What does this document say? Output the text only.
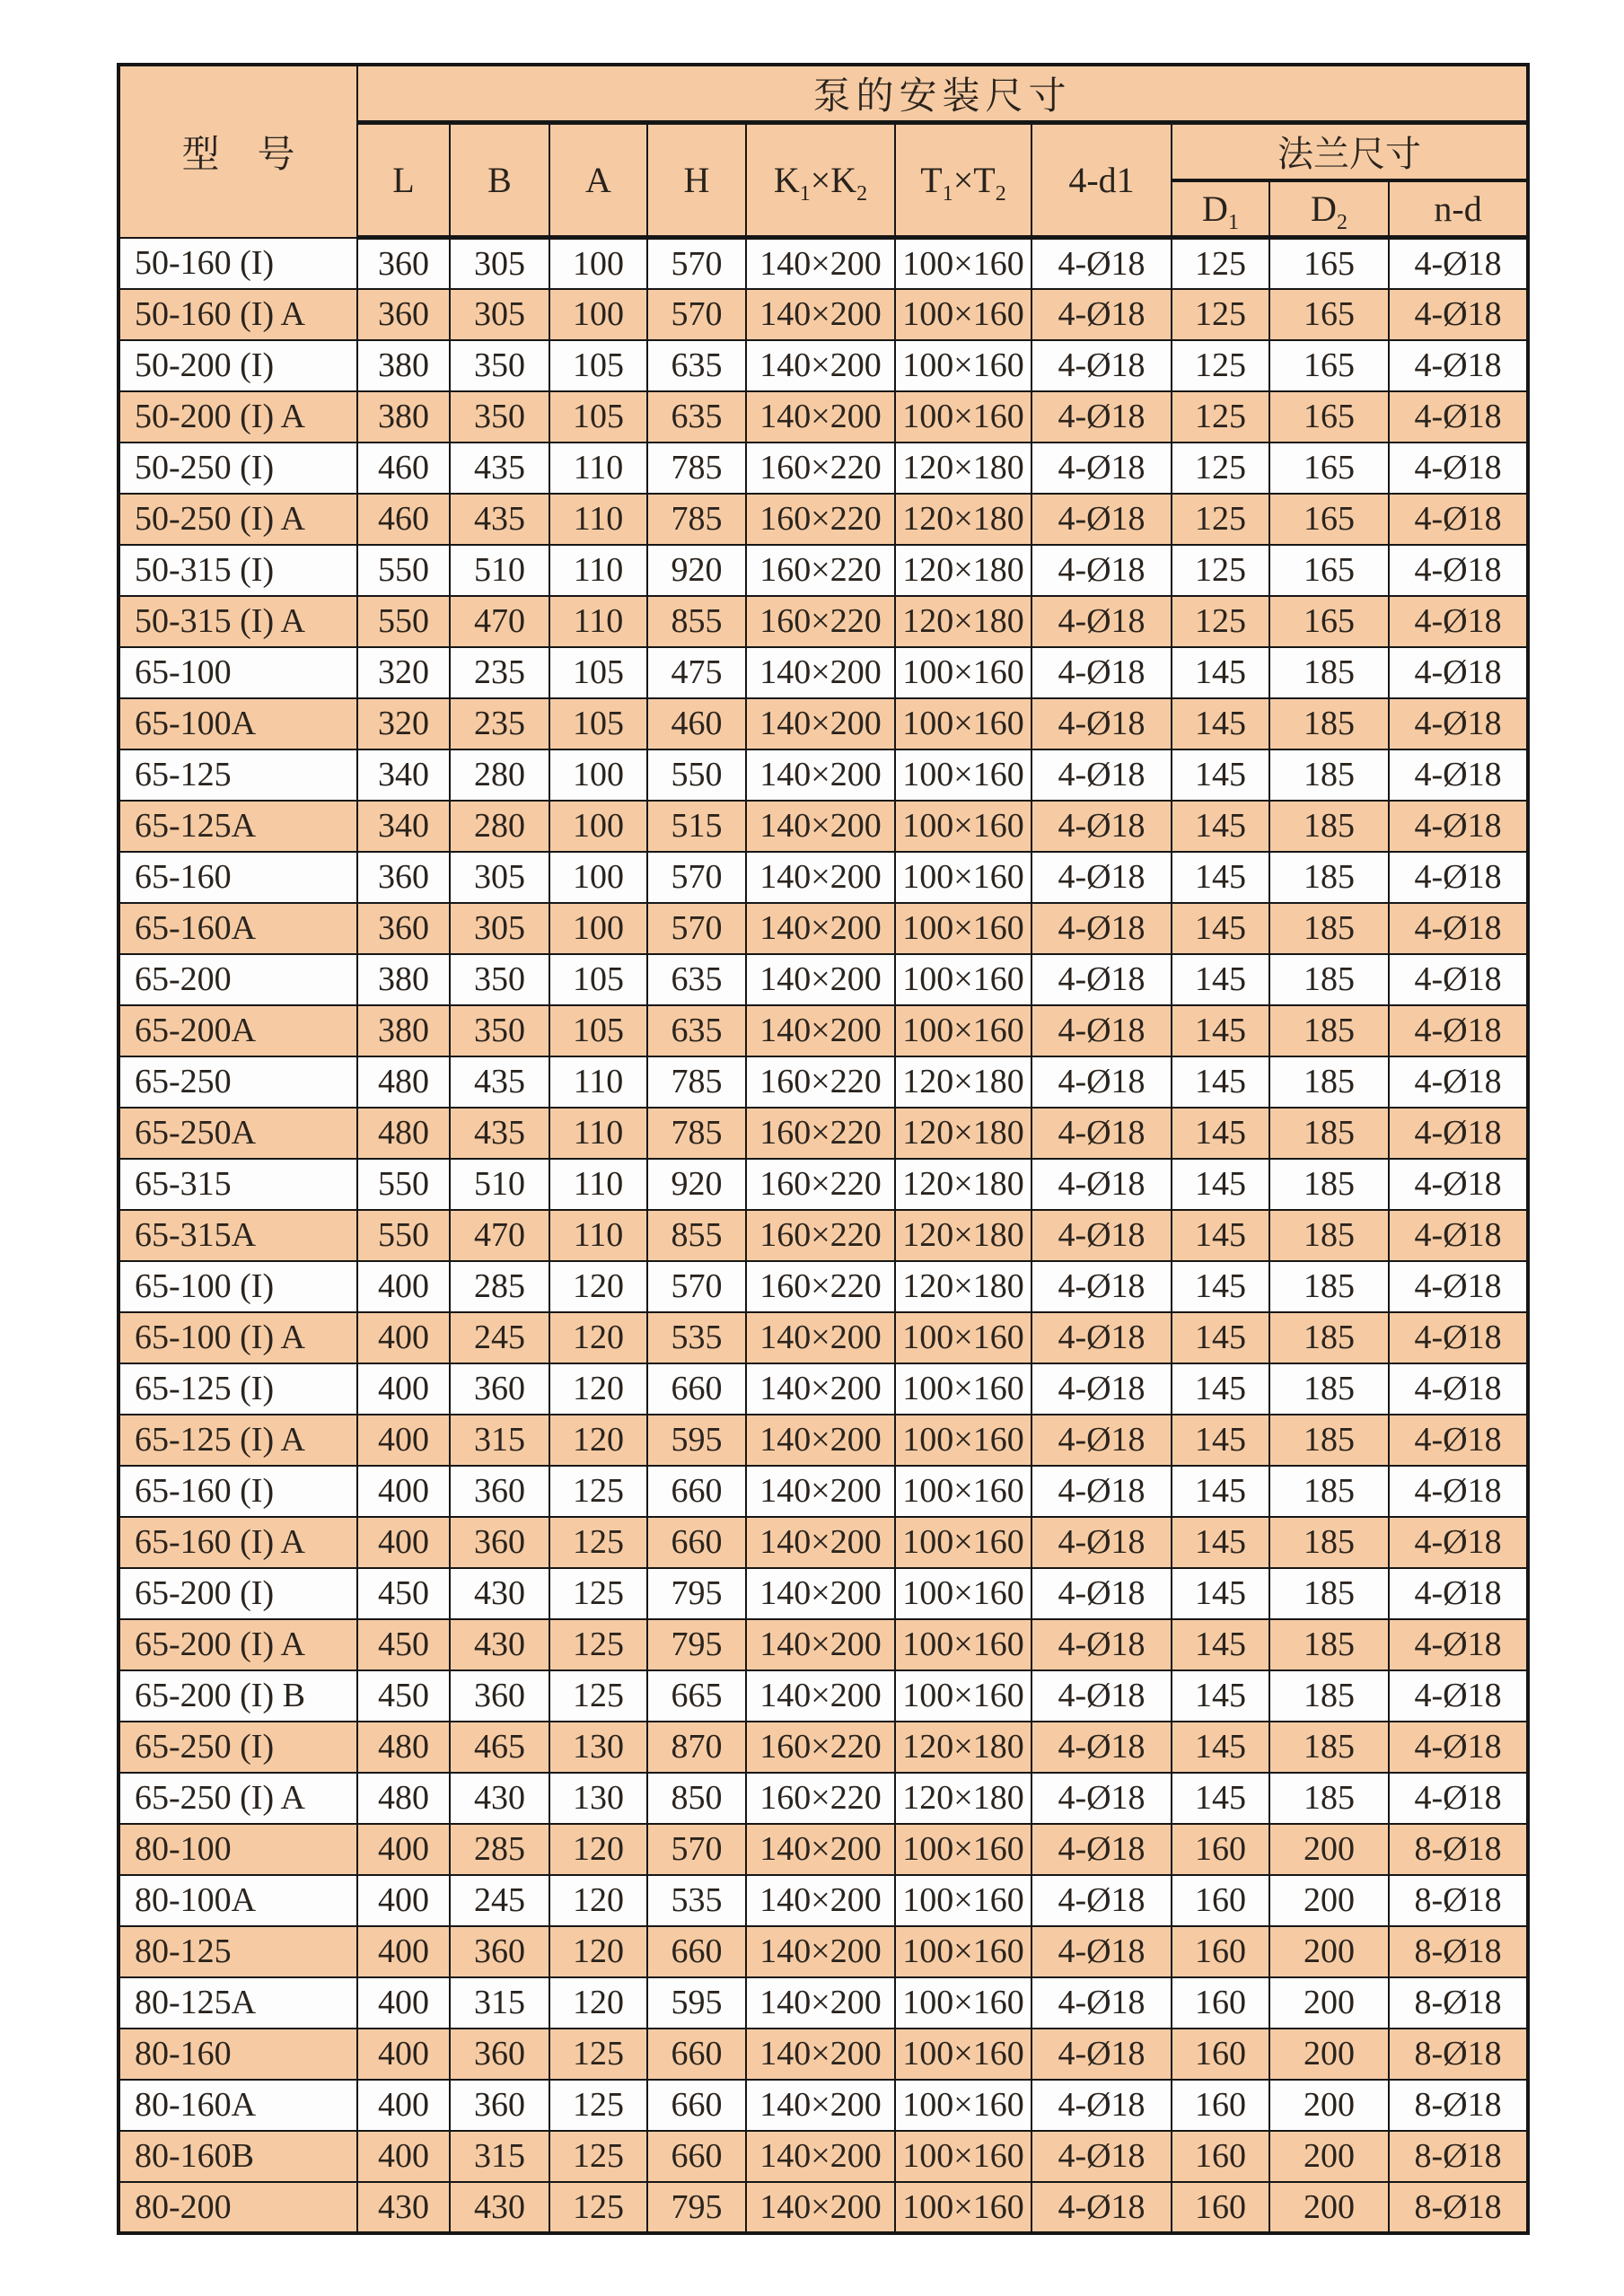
型　号	泵的安装尺寸									
	L	B	A	H	$K_1\times K_2$	$T_1\times T_2$	4-d1	法兰尺寸		
								$D_1$	$D_2$	n-d
50-160 (I)	360	305	100	570	140×200	100×160	4-Ø18	125	165	4-Ø18
50-160 (I) A	360	305	100	570	140×200	100×160	4-Ø18	125	165	4-Ø18
50-200 (I)	380	350	105	635	140×200	100×160	4-Ø18	125	165	4-Ø18
50-200 (I) A	380	350	105	635	140×200	100×160	4-Ø18	125	165	4-Ø18
50-250 (I)	460	435	110	785	160×220	120×180	4-Ø18	125	165	4-Ø18
50-250 (I) A	460	435	110	785	160×220	120×180	4-Ø18	125	165	4-Ø18
50-315 (I)	550	510	110	920	160×220	120×180	4-Ø18	125	165	4-Ø18
50-315 (I) A	550	470	110	855	160×220	120×180	4-Ø18	125	165	4-Ø18
65-100	320	235	105	475	140×200	100×160	4-Ø18	145	185	4-Ø18
65-100A	320	235	105	460	140×200	100×160	4-Ø18	145	185	4-Ø18
65-125	340	280	100	550	140×200	100×160	4-Ø18	145	185	4-Ø18
65-125A	340	280	100	515	140×200	100×160	4-Ø18	145	185	4-Ø18
65-160	360	305	100	570	140×200	100×160	4-Ø18	145	185	4-Ø18
65-160A	360	305	100	570	140×200	100×160	4-Ø18	145	185	4-Ø18
65-200	380	350	105	635	140×200	100×160	4-Ø18	145	185	4-Ø18
65-200A	380	350	105	635	140×200	100×160	4-Ø18	145	185	4-Ø18
65-250	480	435	110	785	160×220	120×180	4-Ø18	145	185	4-Ø18
65-250A	480	435	110	785	160×220	120×180	4-Ø18	145	185	4-Ø18
65-315	550	510	110	920	160×220	120×180	4-Ø18	145	185	4-Ø18
65-315A	550	470	110	855	160×220	120×180	4-Ø18	145	185	4-Ø18
65-100 (I)	400	285	120	570	160×220	120×180	4-Ø18	145	185	4-Ø18
65-100 (I) A	400	245	120	535	140×200	100×160	4-Ø18	145	185	4-Ø18
65-125 (I)	400	360	120	660	140×200	100×160	4-Ø18	145	185	4-Ø18
65-125 (I) A	400	315	120	595	140×200	100×160	4-Ø18	145	185	4-Ø18
65-160 (I)	400	360	125	660	140×200	100×160	4-Ø18	145	185	4-Ø18
65-160 (I) A	400	360	125	660	140×200	100×160	4-Ø18	145	185	4-Ø18
65-200 (I)	450	430	125	795	140×200	100×160	4-Ø18	145	185	4-Ø18
65-200 (I) A	450	430	125	795	140×200	100×160	4-Ø18	145	185	4-Ø18
65-200 (I) B	450	360	125	665	140×200	100×160	4-Ø18	145	185	4-Ø18
65-250 (I)	480	465	130	870	160×220	120×180	4-Ø18	145	185	4-Ø18
65-250 (I) A	480	430	130	850	160×220	120×180	4-Ø18	145	185	4-Ø18
80-100	400	285	120	570	140×200	100×160	4-Ø18	160	200	8-Ø18
80-100A	400	245	120	535	140×200	100×160	4-Ø18	160	200	8-Ø18
80-125	400	360	120	660	140×200	100×160	4-Ø18	160	200	8-Ø18
80-125A	400	315	120	595	140×200	100×160	4-Ø18	160	200	8-Ø18
80-160	400	360	125	660	140×200	100×160	4-Ø18	160	200	8-Ø18
80-160A	400	360	125	660	140×200	100×160	4-Ø18	160	200	8-Ø18
80-160B	400	315	125	660	140×200	100×160	4-Ø18	160	200	8-Ø18
80-200	430	430	125	795	140×200	100×160	4-Ø18	160	200	8-Ø18
